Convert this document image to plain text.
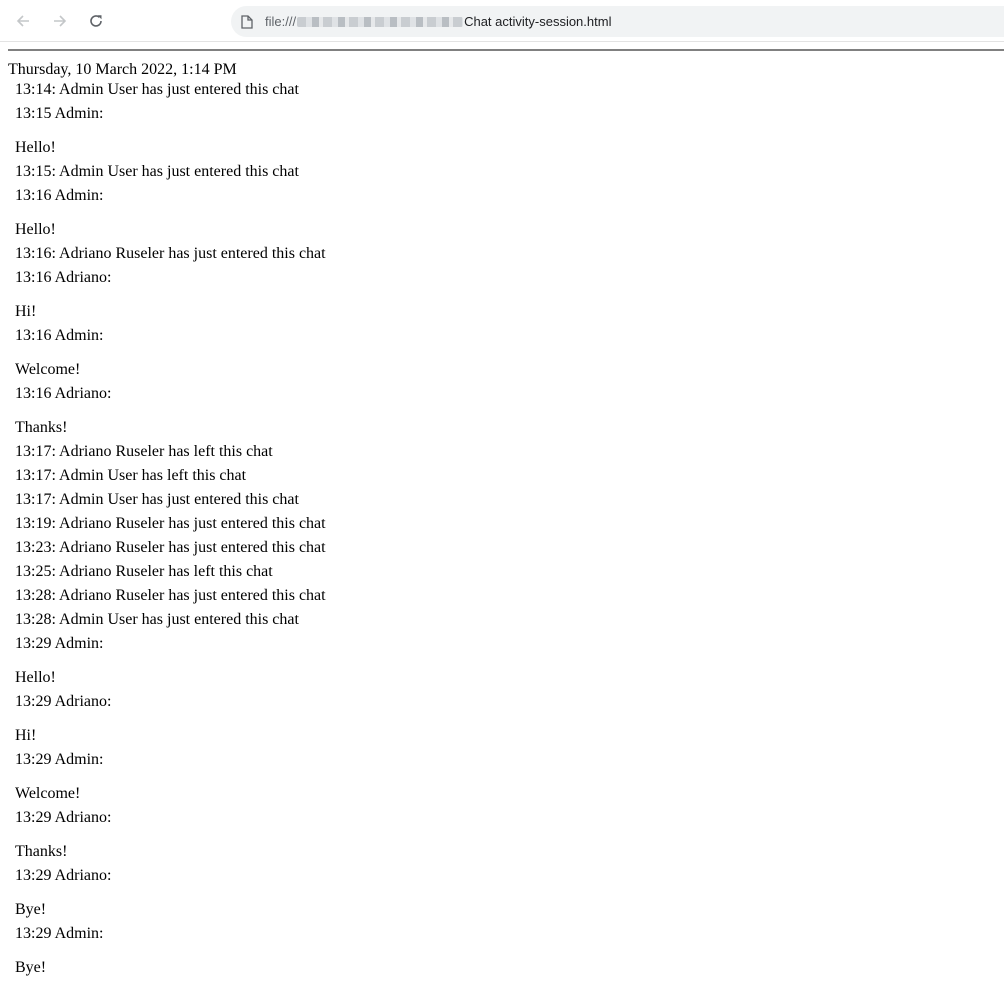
file:///	Chat activity-session.html
Thursday, 10 March 2022, 1:14 PM
13:14: Admin User has just entered this chat
13:15 Admin:
Hello!
13:15: Admin User has just entered this chat
13:16 Admin:
Hello!
13:16: Adriano Ruseler has just entered this chat
13:16 Adriano:
Hi!
13:16 Admin:
Welcome!
13:16 Adriano:
Thanks!
13:17: Adriano Ruseler has left this chat
13:17: Admin User has left this chat
13:17: Admin User has just entered this chat
13:19: Adriano Ruseler has just entered this chat
13:23: Adriano Ruseler has just entered this chat
13:25: Adriano Ruseler has left this chat
13:28: Adriano Ruseler has just entered this chat
13:28: Admin User has just entered this chat
13:29 Admin:
Hello!
13:29 Adriano:
Hi!
13:29 Admin:
Welcome!
13:29 Adriano:
Thanks!
13:29 Adriano:
Bye!
13:29 Admin:
Bye!
